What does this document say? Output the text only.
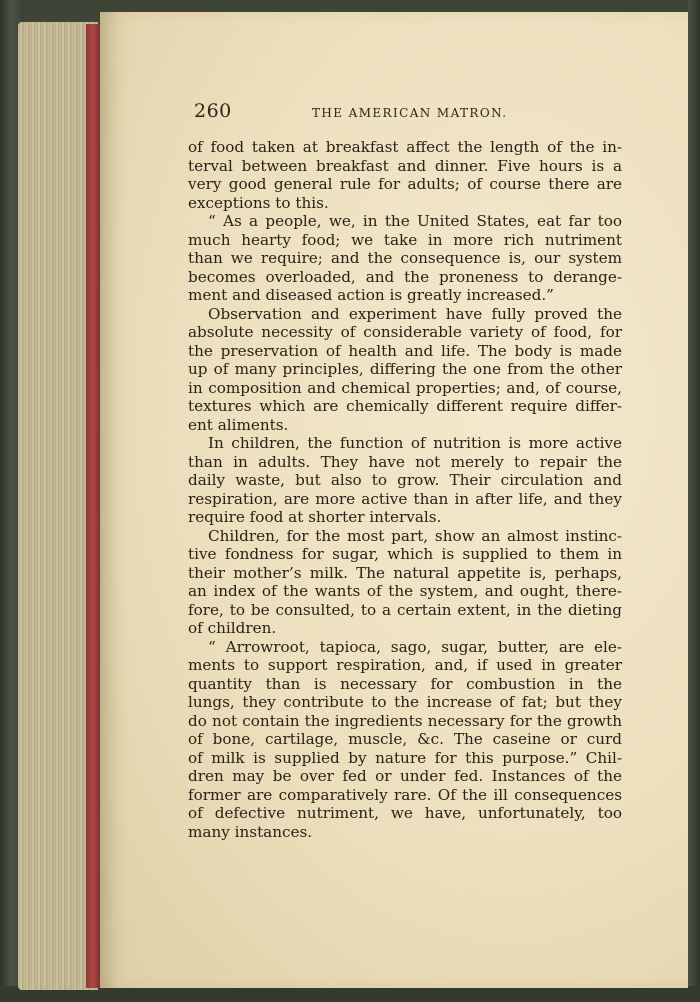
260	THE AMERICAN MATRON.
of food taken at breakfast affect the length of the in-
terval between breakfast and dinner. Five hours is a
very good general rule for adults; of course there are
exceptions to this.
“ As a people, we, in the United States, eat far too
much hearty food; we take in more rich nutriment
than we require; and the consequence is, our system
becomes overloaded, and the proneness to derange-
ment and diseased action is greatly increased.”
Observation and experiment have fully proved the
absolute necessity of considerable variety of food, for
the preservation of health and life. The body is made
up of many principles, differing the one from the other
in composition and chemical properties; and, of course,
textures which are chemically different require differ-
ent aliments.
In children, the function of nutrition is more active
than in adults. They have not merely to repair the
daily waste, but also to grow. Their circulation and
respiration, are more active than in after life, and they
require food at shorter intervals.
Children, for the most part, show an almost instinc-
tive fondness for sugar, which is supplied to them in
their mother’s milk. The natural appetite is, perhaps,
an index of the wants of the system, and ought, there-
fore, to be consulted, to a certain extent, in the dieting
of children.
“ Arrowroot, tapioca, sago, sugar, butter, are ele-
ments to support respiration, and, if used in greater
quantity than is necessary for combustion in the
lungs, they contribute to the increase of fat; but they
do not contain the ingredients necessary for the growth
of bone, cartilage, muscle, &c. The caseine or curd
of milk is supplied by nature for this purpose.” Chil-
dren may be over fed or under fed. Instances of the
former are comparatively rare. Of the ill consequences
of defective nutriment, we have, unfortunately, too
many instances.
